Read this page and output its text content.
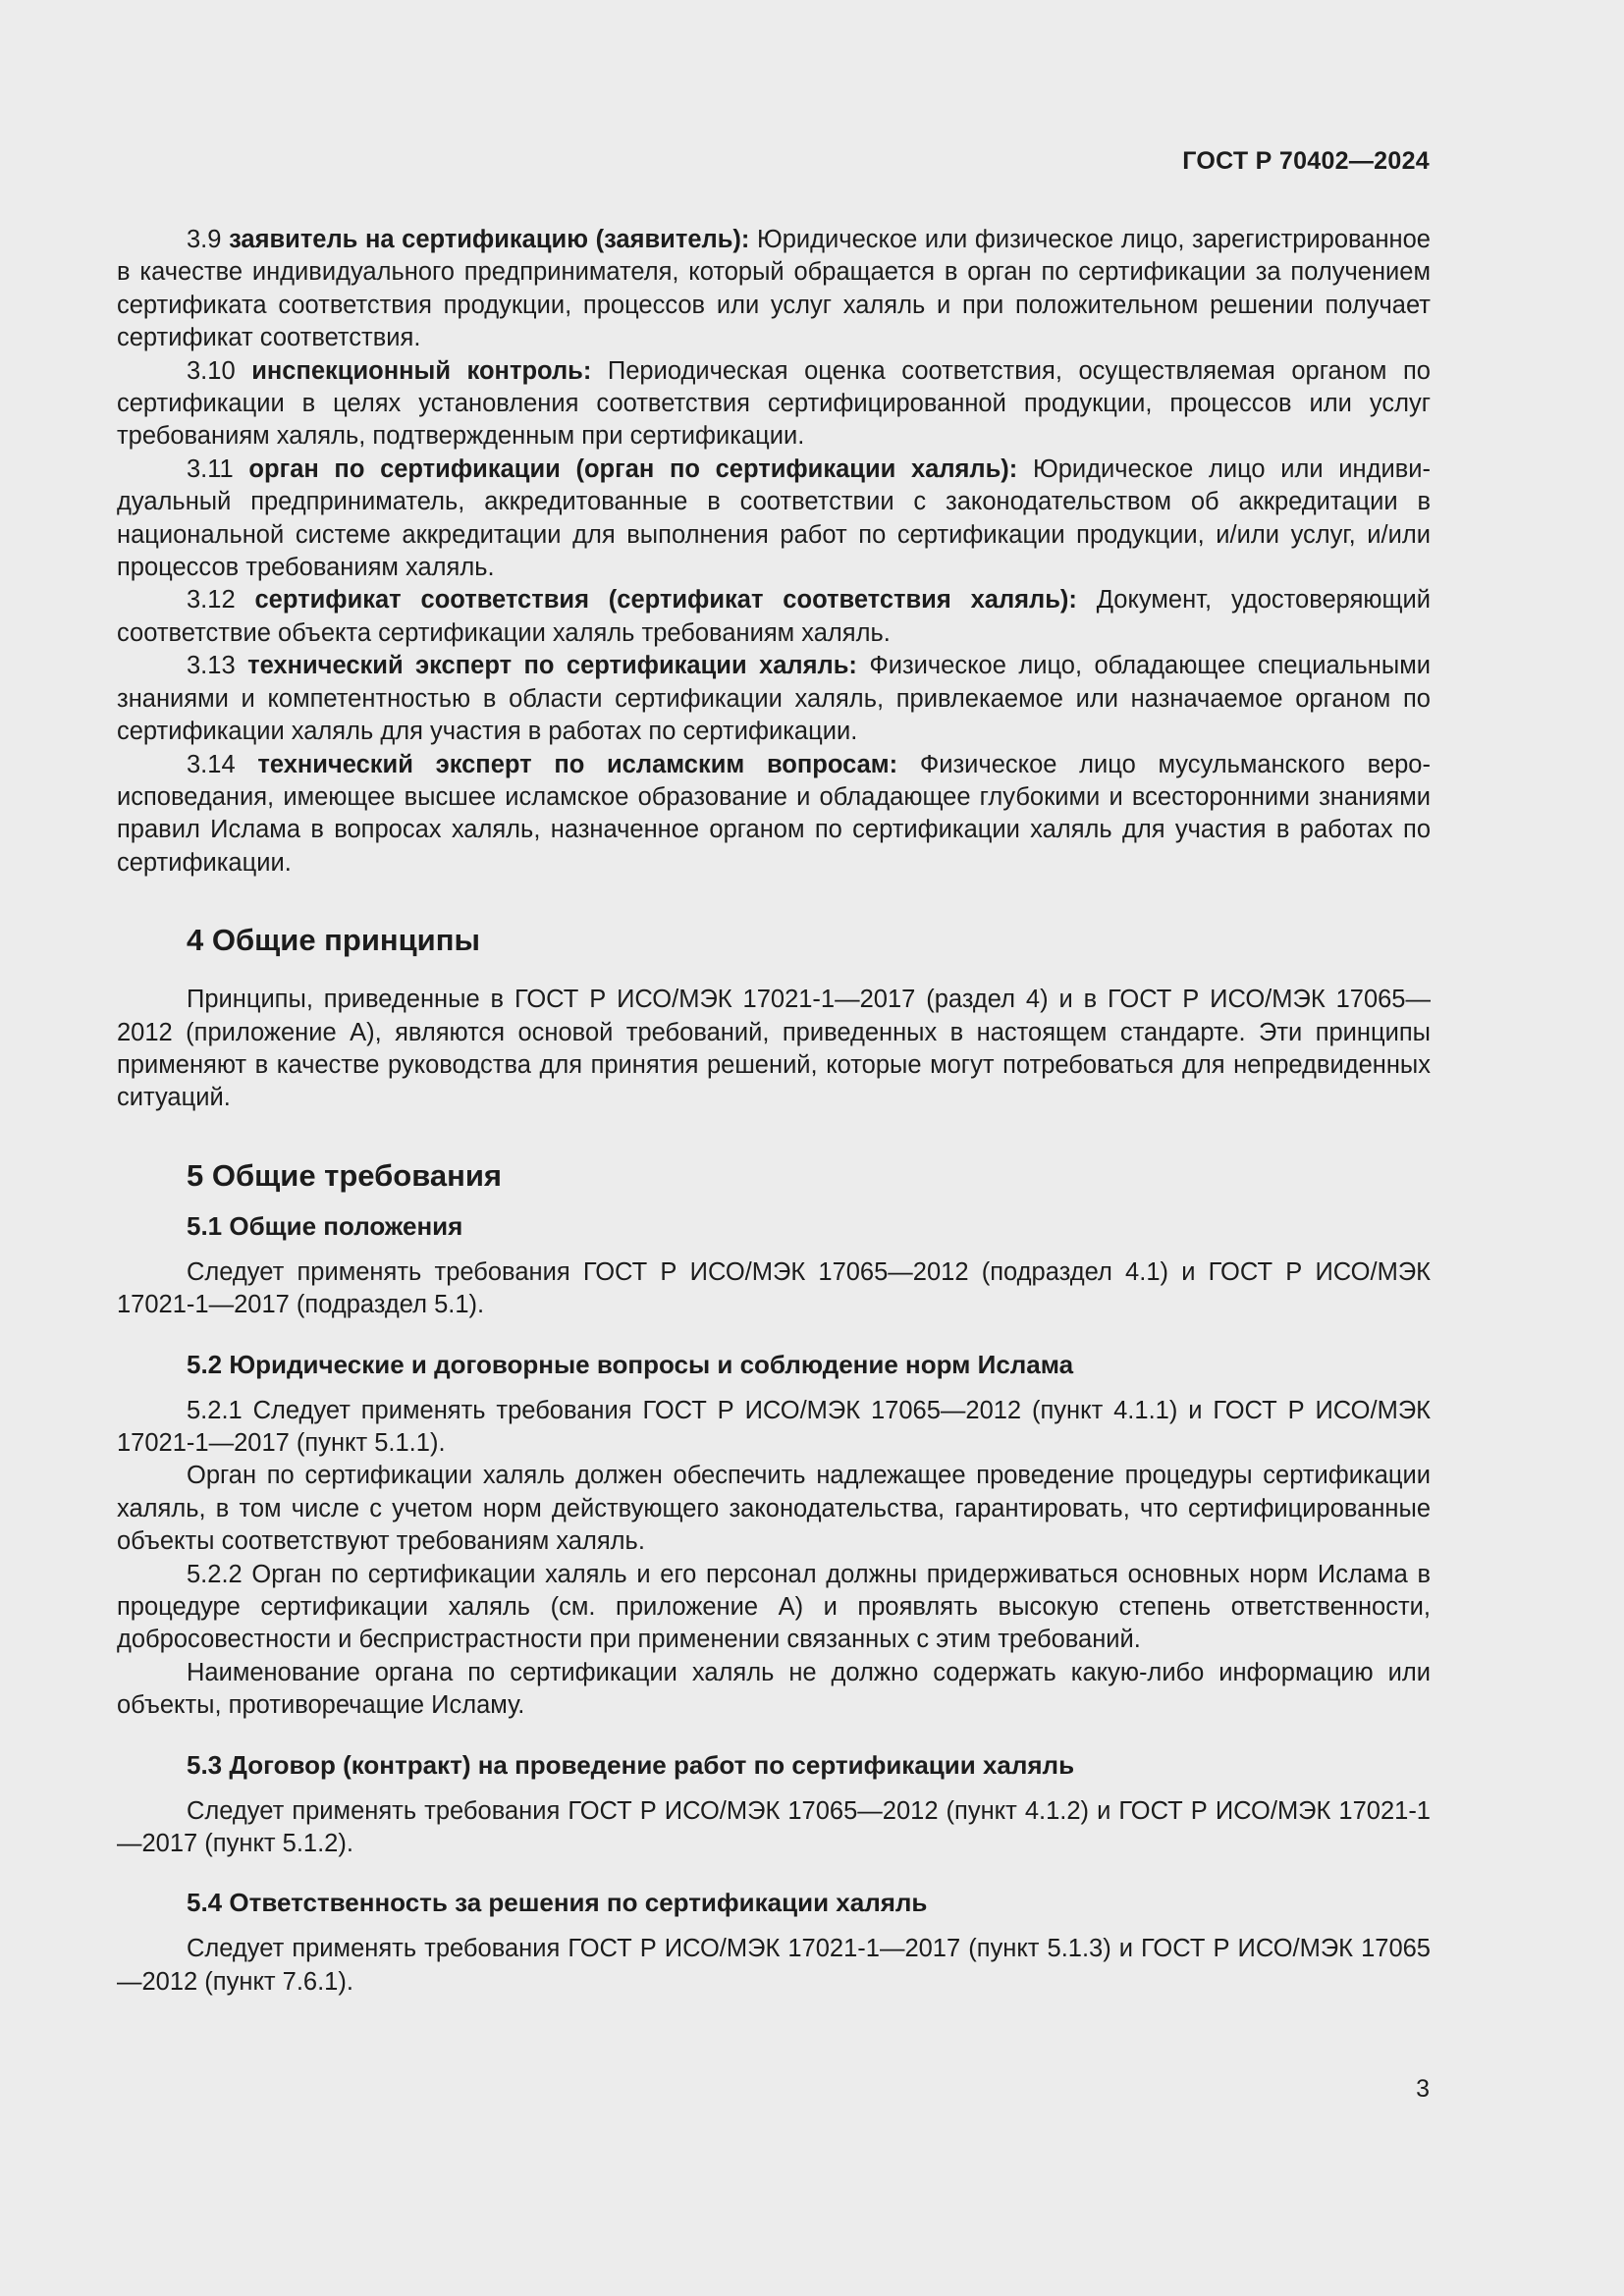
ГОСТ Р 70402—2024

3.9 заявитель на сертификацию (заявитель): Юридическое или физическое лицо, зарегистрированное в качестве индивидуального предпринимателя, который обращается в орган по сертификации за получением сертификата соответствия продукции, процессов или услуг халяль и при положительном решении получает сертификат соответствия.

3.10 инспекционный контроль: Периодическая оценка соответствия, осуществляемая органом по сертификации в целях установления соответствия сертифицированной продукции, процессов или услуг требованиям халяль, подтвержденным при сертификации.

3.11 орган по сертификации (орган по сертификации халяль): Юридическое лицо или индивидуальный предприниматель, аккредитованные в соответствии с законодательством об аккредитации в национальной системе аккредитации для выполнения работ по сертификации продукции, и/или услуг, и/или процессов требованиям халяль.

3.12 сертификат соответствия (сертификат соответствия халяль): Документ, удостоверяющий соответствие объекта сертификации халяль требованиям халяль.

3.13 технический эксперт по сертификации халяль: Физическое лицо, обладающее специальными знаниями и компетентностью в области сертификации халяль, привлекаемое или назначаемое органом по сертификации халяль для участия в работах по сертификации.

3.14 технический эксперт по исламским вопросам: Физическое лицо мусульманского вероисповедания, имеющее высшее исламское образование и обладающее глубокими и всесторонними знаниями правил Ислама в вопросах халяль, назначенное органом по сертификации халяль для участия в работах по сертификации.

4 Общие принципы

Принципы, приведенные в ГОСТ Р ИСО/МЭК 17021-1—2017 (раздел 4) и в ГОСТ Р ИСО/МЭК 17065—2012 (приложение А), являются основой требований, приведенных в настоящем стандарте. Эти принципы применяют в качестве руководства для принятия решений, которые могут потребоваться для непредвиденных ситуаций.

5 Общие требования
5.1 Общие положения

Следует применять требования ГОСТ Р ИСО/МЭК 17065—2012 (подраздел 4.1) и ГОСТ Р ИСО/МЭК 17021-1—2017 (подраздел 5.1).

5.2 Юридические и договорные вопросы и соблюдение норм Ислама

5.2.1 Следует применять требования ГОСТ Р ИСО/МЭК 17065—2012 (пункт 4.1.1) и ГОСТ Р ИСО/МЭК 17021-1—2017 (пункт 5.1.1).

Орган по сертификации халяль должен обеспечить надлежащее проведение процедуры сертификации халяль, в том числе с учетом норм действующего законодательства, гарантировать, что сертифицированные объекты соответствуют требованиям халяль.

5.2.2 Орган по сертификации халяль и его персонал должны придерживаться основных норм Ислама в процедуре сертификации халяль (см. приложение А) и проявлять высокую степень ответственности, добросовестности и беспристрастности при применении связанных с этим требований.

Наименование органа по сертификации халяль не должно содержать какую-либо информацию или объекты, противоречащие Исламу.

5.3 Договор (контракт) на проведение работ по сертификации халяль

Следует применять требования ГОСТ Р ИСО/МЭК 17065—2012 (пункт 4.1.2) и ГОСТ Р ИСО/МЭК 17021-1—2017 (пункт 5.1.2).

5.4 Ответственность за решения по сертификации халяль

Следует применять требования ГОСТ Р ИСО/МЭК 17021-1—2017 (пункт 5.1.3) и ГОСТ Р ИСО/МЭК 17065—2012 (пункт 7.6.1).

3
